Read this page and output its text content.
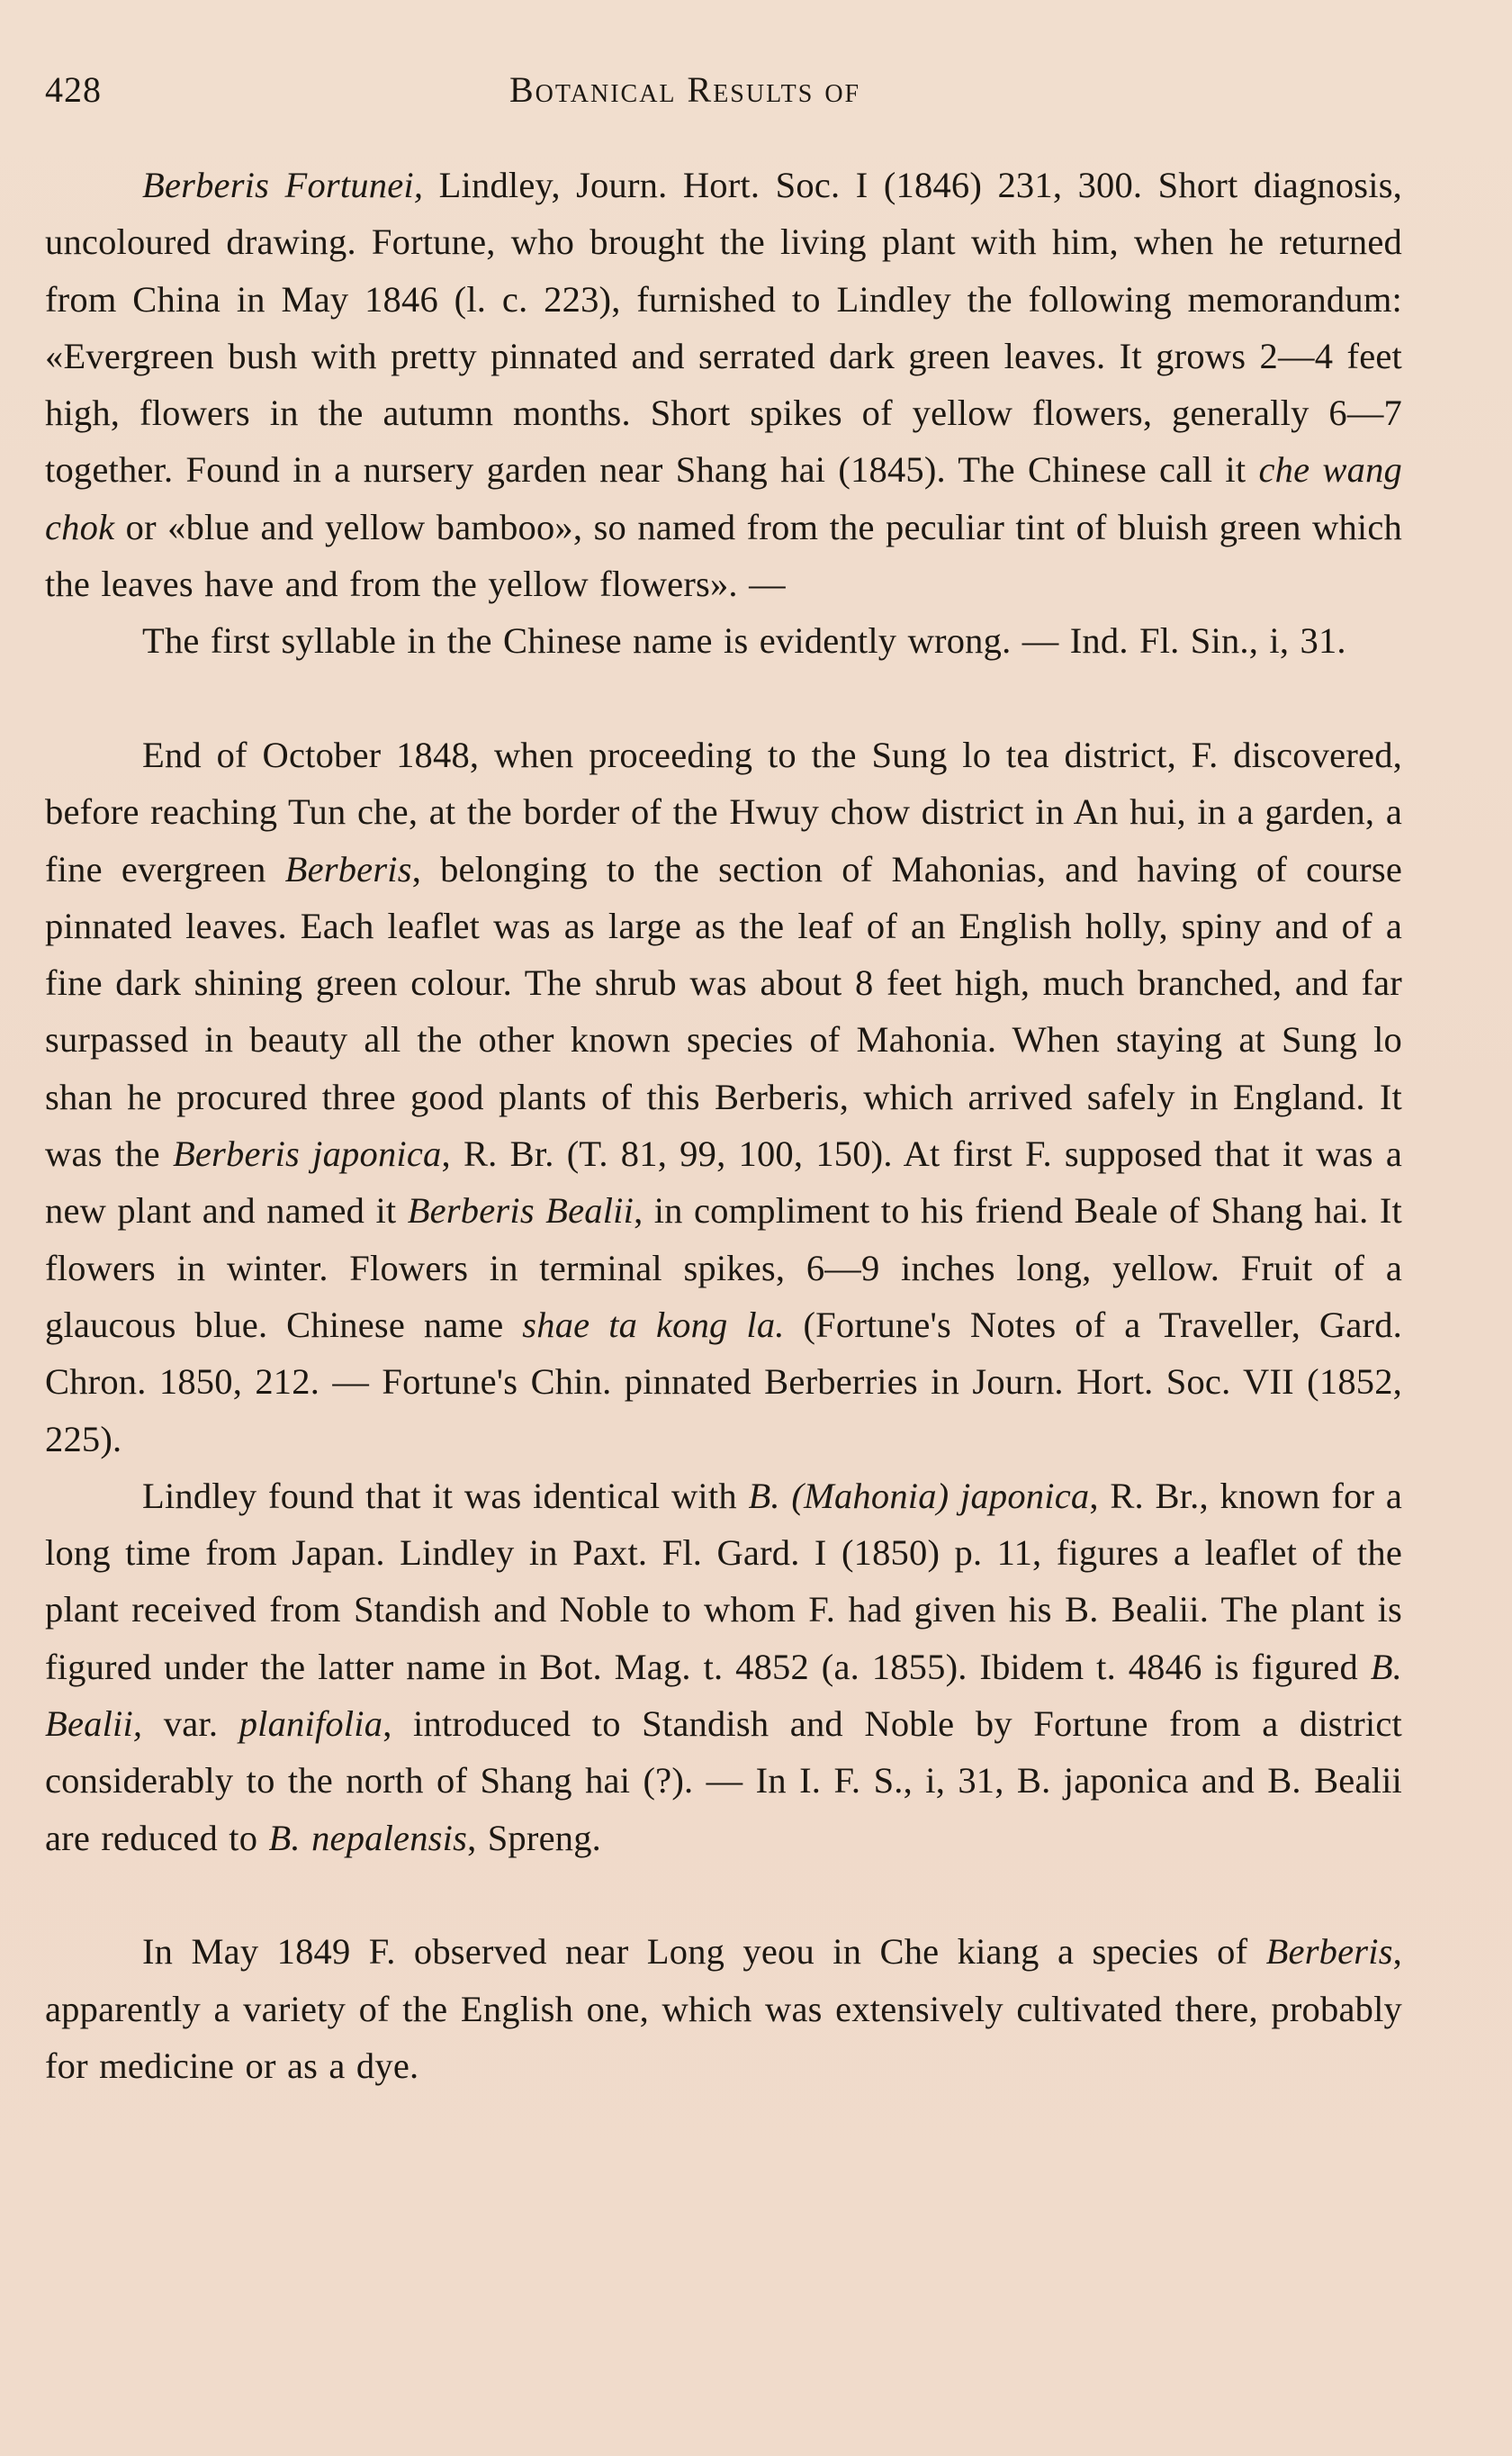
428	Botanical Results of

Berberis Fortunei, Lindley, Journ. Hort. Soc. I (1846) 231, 300. Short diagnosis, uncoloured drawing. Fortune, who brought the living plant with him, when he returned from China in May 1846 (l. c. 223), furnished to Lindley the following memorandum: «Evergreen bush with pretty pinnated and serrated dark green leaves. It grows 2—4 feet high, flowers in the autumn months. Short spikes of yellow flowers, generally 6—7 together. Found in a nursery garden near Shang hai (1845). The Chinese call it che wang chok or «blue and yellow bamboo», so named from the peculiar tint of bluish green which the leaves have and from the yellow flowers». —

The first syllable in the Chinese name is evidently wrong. — Ind. Fl. Sin., i, 31.

End of October 1848, when proceeding to the Sung lo tea district, F. discovered, before reaching Tun che, at the border of the Hwuy chow district in An hui, in a garden, a fine evergreen Berberis, belonging to the section of Mahonias, and having of course pinnated leaves. Each leaflet was as large as the leaf of an English holly, spiny and of a fine dark shining green colour. The shrub was about 8 feet high, much branched, and far surpassed in beauty all the other known species of Mahonia. When staying at Sung lo shan he procured three good plants of this Berberis, which arrived safely in England. It was the Berberis japonica, R. Br. (T. 81, 99, 100, 150). At first F. supposed that it was a new plant and named it Berberis Bealii, in compliment to his friend Beale of Shang hai. It flowers in winter. Flowers in terminal spikes, 6—9 inches long, yellow. Fruit of a glaucous blue. Chinese name shae ta kong la. (Fortune's Notes of a Traveller, Gard. Chron. 1850, 212. — Fortune's Chin. pinnated Berberries in Journ. Hort. Soc. VII (1852, 225).

Lindley found that it was identical with B. (Mahonia) japonica, R. Br., known for a long time from Japan. Lindley in Paxt. Fl. Gard. I (1850) p. 11, figures a leaflet of the plant received from Standish and Noble to whom F. had given his B. Bealii. The plant is figured under the latter name in Bot. Mag. t. 4852 (a. 1855). Ibidem t. 4846 is figured B. Bealii, var. planifolia, introduced to Standish and Noble by Fortune from a district considerably to the north of Shang hai (?). — In I. F. S., i, 31, B. japonica and B. Bealii are reduced to B. nepalensis, Spreng.

In May 1849 F. observed near Long yeou in Che kiang a species of Berberis, apparently a variety of the English one, which was extensively cultivated there, probably for medicine or as a dye.
